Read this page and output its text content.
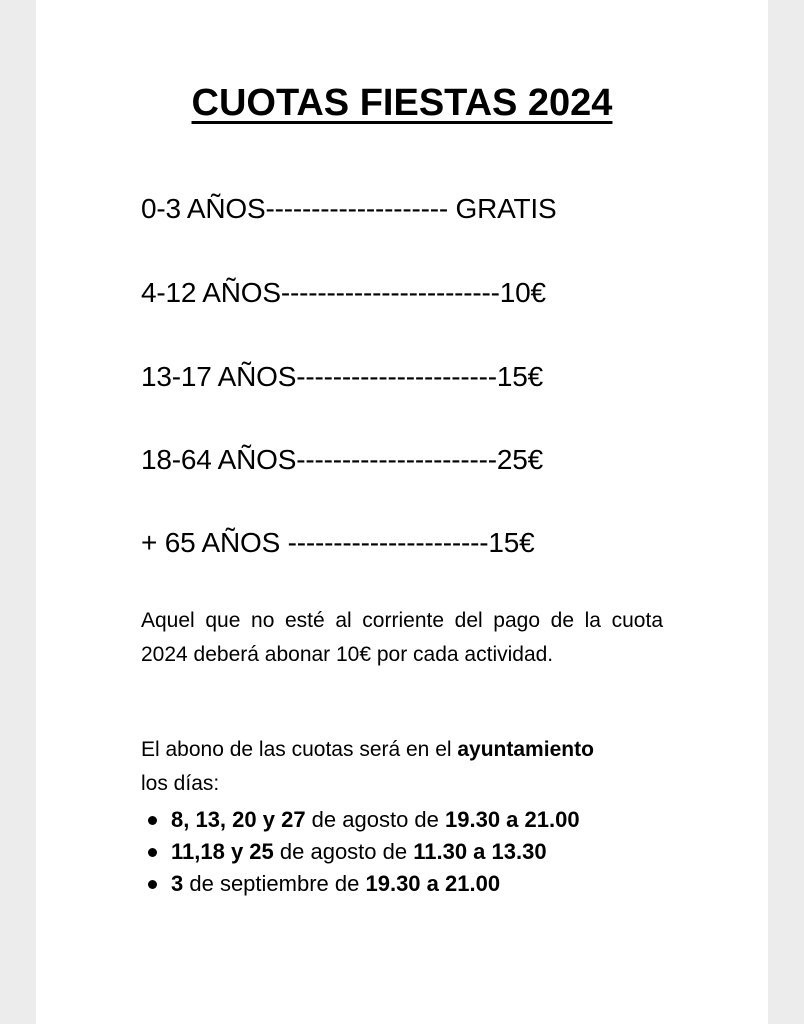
CUOTAS FIESTAS 2024
0-3 AÑOS-------------------- GRATIS
4-12 AÑOS------------------------10€
13-17 AÑOS----------------------15€
18-64 AÑOS----------------------25€
+ 65 AÑOS ----------------------15€
Aquel que no esté al corriente del pago de la cuota 2024 deberá abonar 10€ por cada actividad.
El abono de las cuotas será en el ayuntamiento
los días:
8, 13, 20 y 27 de agosto de 19.30 a 21.00
11,18 y 25 de agosto de 11.30 a 13.30
3 de septiembre de 19.30 a 21.00
